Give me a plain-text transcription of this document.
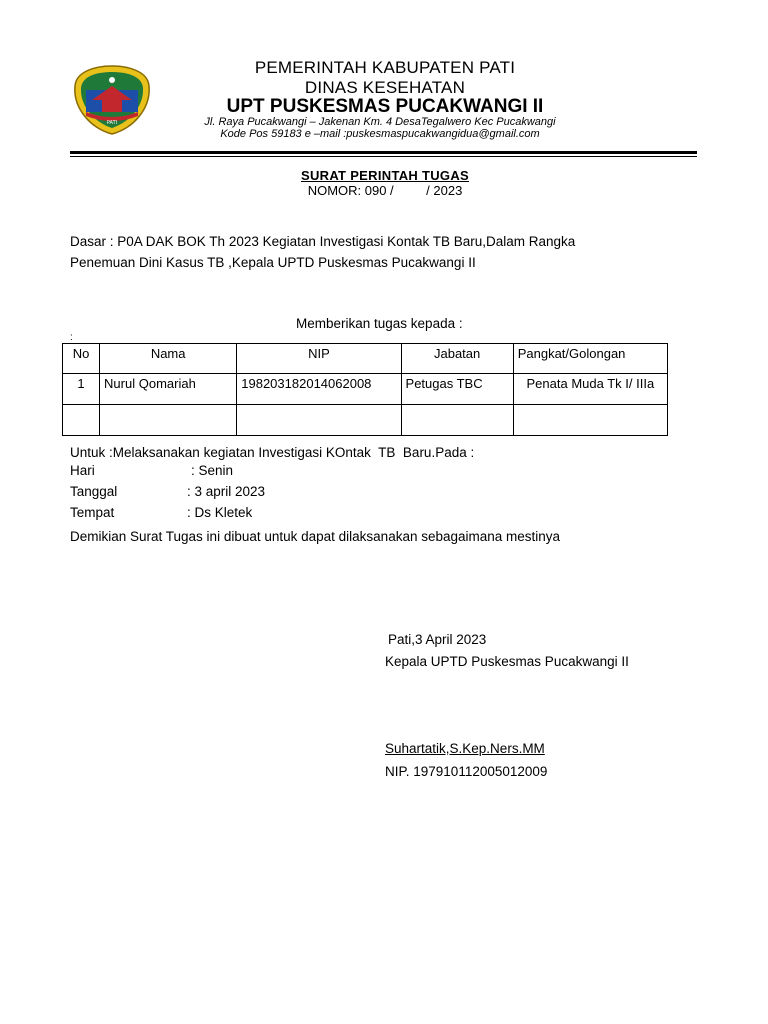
PATI
PEMERINTAH KABUPATEN PATI
DINAS KESEHATAN
UPT PUSKESMAS PUCAKWANGI II
Jl. Raya Pucakwangi – Jakenan Km. 4 DesaTegalwero Kec Pucakwangi
Kode Pos 59183 e –mail :puskesmaspucakwangidua@gmail.com
SURAT PERINTAH TUGAS
NOMOR: 090 /         / 2023
Dasar : P0A DAK BOK Th 2023 Kegiatan Investigasi Kontak TB Baru,Dalam Rangka
Penemuan Dini Kasus TB ,Kepala UPTD Puskesmas Pucakwangi II
Memberikan tugas kepada :
:
No	Nama	NIP	Jabatan	Pangkat/Golongan
1	Nurul Qomariah	198203182014062008	Petugas TBC	Penata Muda Tk I/ IIIa

Untuk :Melaksanakan kegiatan Investigasi KOntak  TB  Baru.Pada :
Hari	: Senin
Tanggal	: 3 april 2023
Tempat	: Ds Kletek
Demikian Surat Tugas ini dibuat untuk dapat dilaksanakan sebagaimana mestinya
Pati,3 April 2023
Kepala UPTD Puskesmas Pucakwangi II
Suhartatik,S.Kep.Ners.MM
NIP. 197910112005012009
